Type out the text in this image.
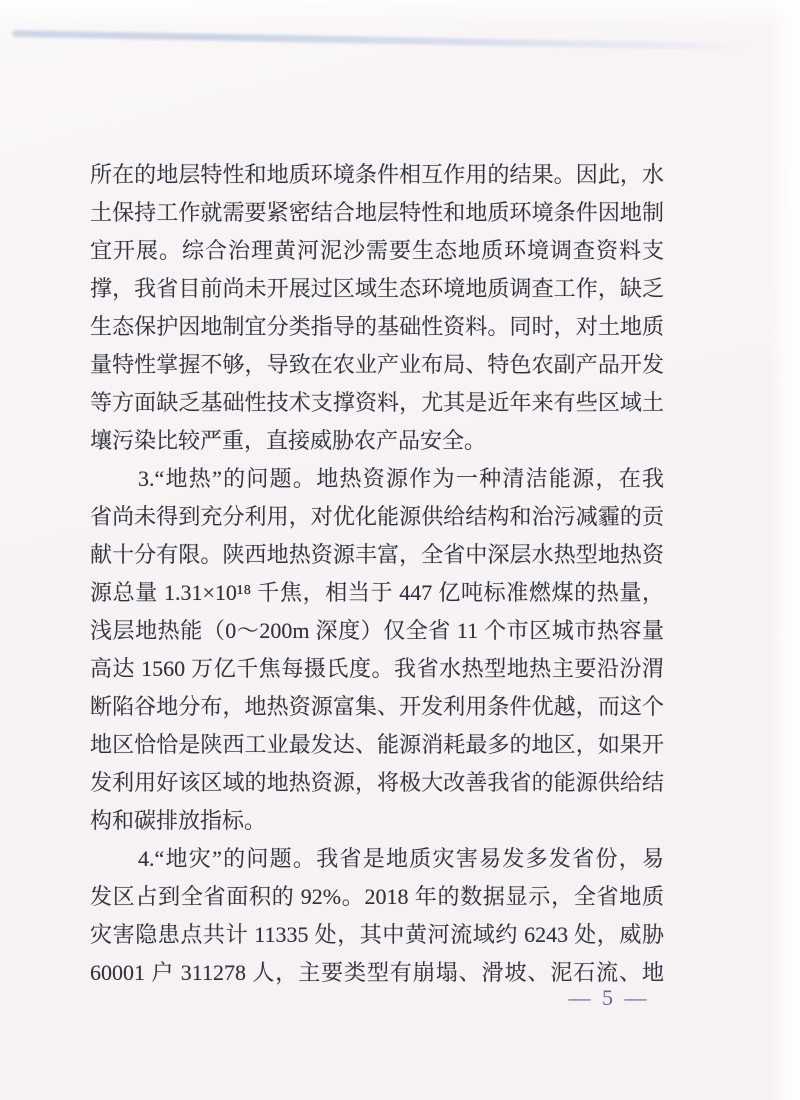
所在的地层特性和地质环境条件相互作用的结果。因此，水
土保持工作就需要紧密结合地层特性和地质环境条件因地制
宜开展。综合治理黄河泥沙需要生态地质环境调查资料支
撑，我省目前尚未开展过区域生态环境地质调查工作，缺乏
生态保护因地制宜分类指导的基础性资料。同时，对土地质
量特性掌握不够，导致在农业产业布局、特色农副产品开发
等方面缺乏基础性技术支撑资料，尤其是近年来有些区域土
壤污染比较严重，直接威胁农产品安全。
3.“地热”的问题。地热资源作为一种清洁能源，在我
省尚未得到充分利用，对优化能源供给结构和治污减霾的贡
献十分有限。陕西地热资源丰富，全省中深层水热型地热资
源总量 1.31×10¹⁸ 千焦，相当于 447 亿吨标准燃煤的热量，
浅层地热能（0～200m 深度）仅全省 11 个市区城市热容量
高达 1560 万亿千焦每摄氏度。我省水热型地热主要沿汾渭
断陷谷地分布，地热资源富集、开发利用条件优越，而这个
地区恰恰是陕西工业最发达、能源消耗最多的地区，如果开
发利用好该区域的地热资源，将极大改善我省的能源供给结
构和碳排放指标。
4.“地灾”的问题。我省是地质灾害易发多发省份，易
发区占到全省面积的 92%。2018 年的数据显示，全省地质
灾害隐患点共计 11335 处，其中黄河流域约 6243 处，威胁
60001 户 311278 人，主要类型有崩塌、滑坡、泥石流、地
— 5 —
